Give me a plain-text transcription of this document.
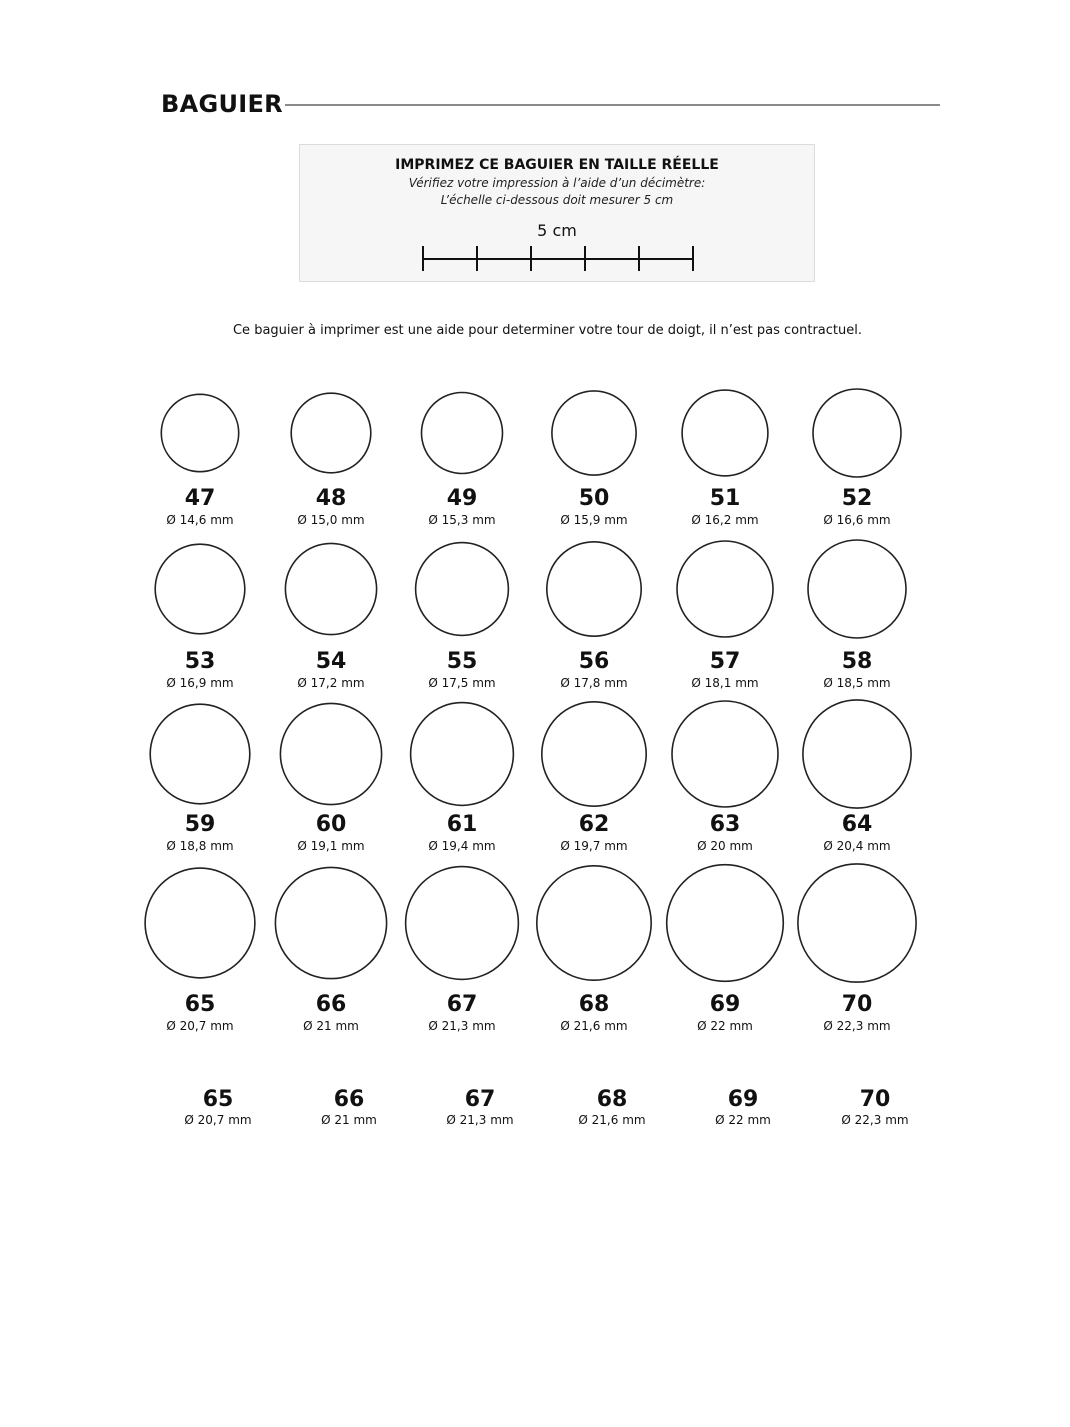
BAGUIER
IMPRIMEZ CE BAGUIER EN TAILLE RÉELLE
Vérifiez votre impression à l’aide d’un décimètre:
L’échelle ci-dessous doit mesurer 5 cm
5 cm
Ce baguier à imprimer est une aide pour determiner votre tour de doigt, il n’est pas contractuel.
47
Ø 14,6 mm
48
Ø 15,0 mm
49
Ø 15,3 mm
50
Ø 15,9 mm
51
Ø 16,2 mm
52
Ø 16,6 mm
53
Ø 16,9 mm
54
Ø 17,2 mm
55
Ø 17,5 mm
56
Ø 17,8 mm
57
Ø 18,1 mm
58
Ø 18,5 mm
59
Ø 18,8 mm
60
Ø 19,1 mm
61
Ø 19,4 mm
62
Ø 19,7 mm
63
Ø 20 mm
64
Ø 20,4 mm
65
Ø 20,7 mm
66
Ø 21 mm
67
Ø 21,3 mm
68
Ø 21,6 mm
69
Ø 22 mm
70
Ø 22,3 mm
65
Ø 20,7 mm
66
Ø 21 mm
67
Ø 21,3 mm
68
Ø 21,6 mm
69
Ø 22 mm
70
Ø 22,3 mm
